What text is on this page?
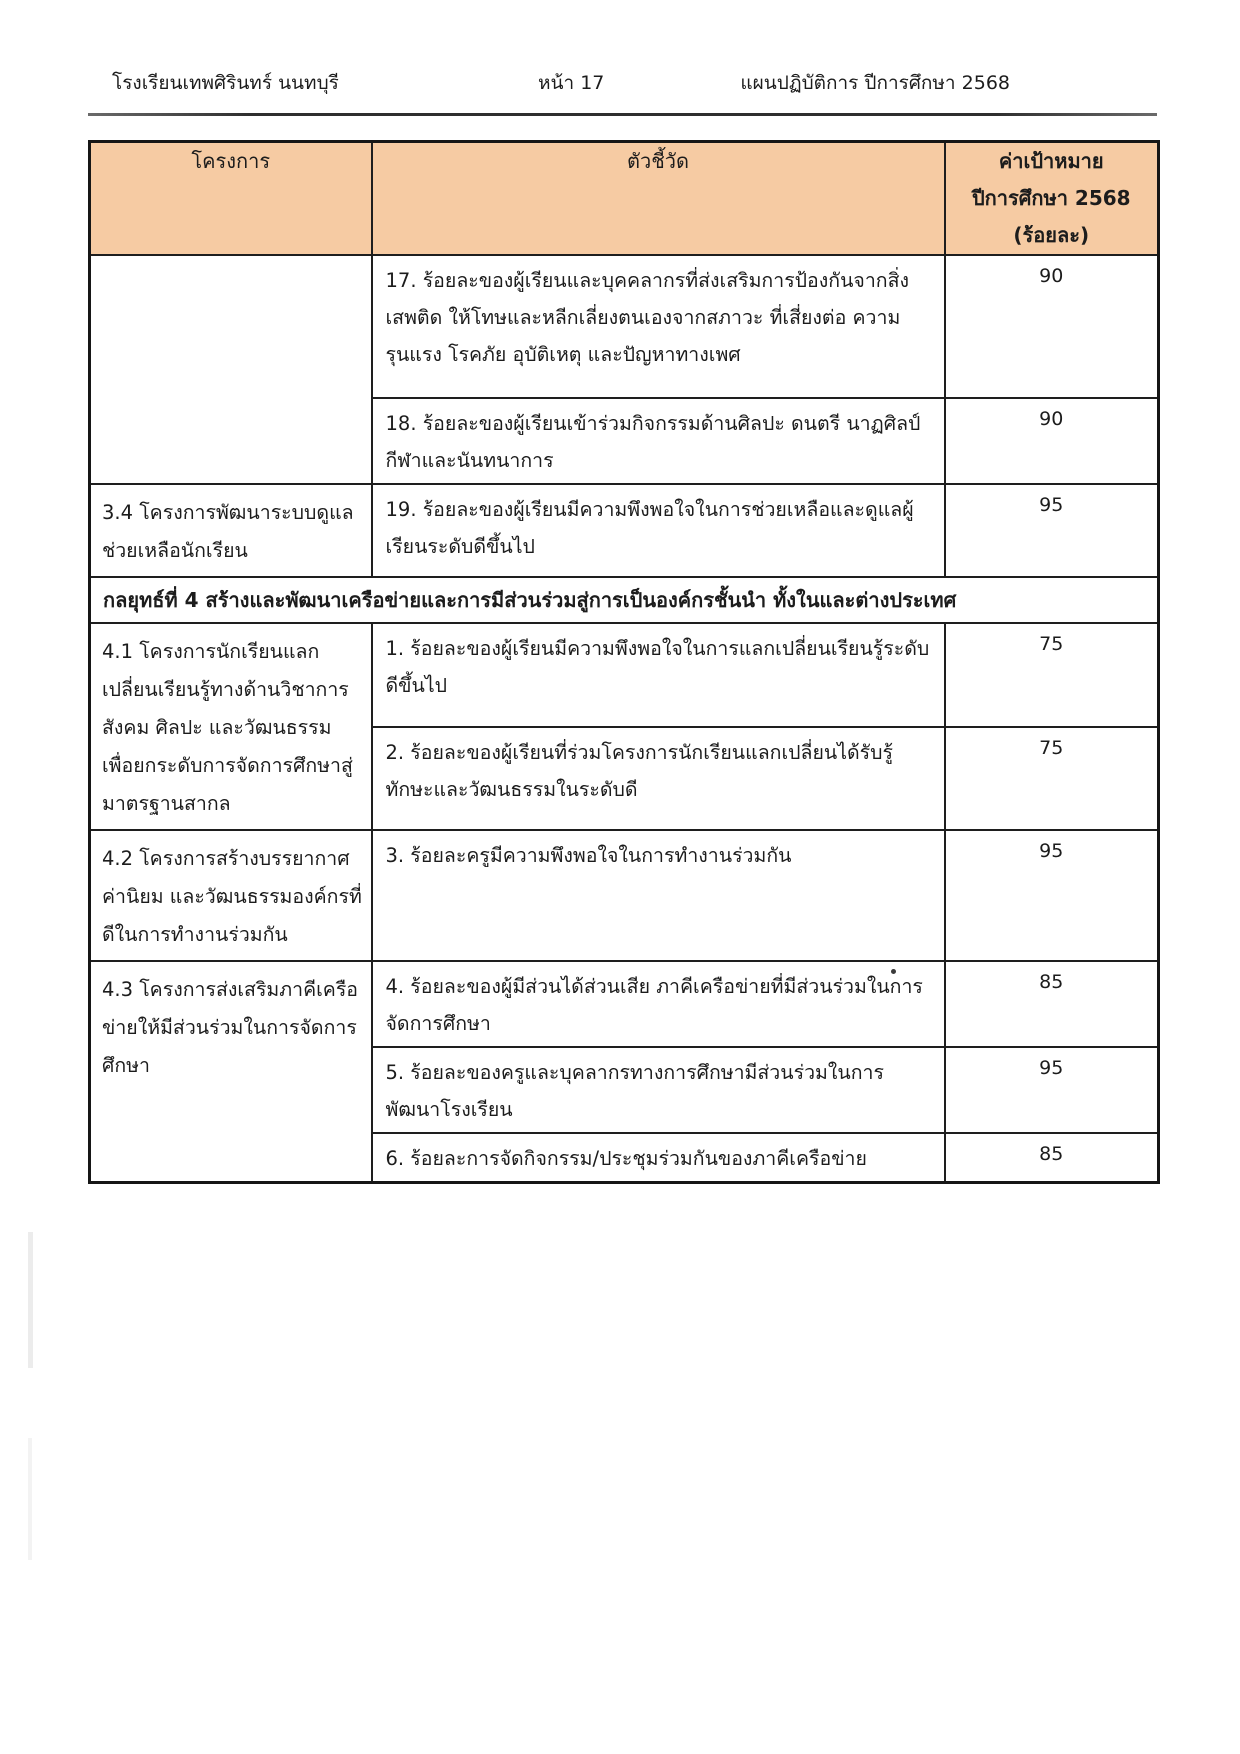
โรงเรียนเทพศิรินทร์ นนทบุรี	หน้า 17	แผนปฏิบัติการ ปีการศึกษา 2568
โครงการ	ตัวชี้วัด	ค่าเป้าหมาย
ปีการศึกษา 2568
(ร้อยละ)

	17. ร้อยละของผู้เรียนและบุคคลากรที่ส่งเสริมการป้องกันจากสิ่งเสพติด ให้โทษและหลีกเลี่ยงตนเองจากสภาวะ ที่เสี่ยงต่อ ความรุนแรง โรคภัย อุบัติเหตุ และปัญหาทางเพศ	90
	18. ร้อยละของผู้เรียนเข้าร่วมกิจกรรมด้านศิลปะ ดนตรี นาฏศิลป์ กีฬาและนันทนาการ	90
3.4 โครงการพัฒนาระบบดูแลช่วยเหลือนักเรียน	19. ร้อยละของผู้เรียนมีความพึงพอใจในการช่วยเหลือและดูแลผู้เรียนระดับดีขึ้นไป	95
กลยุทธ์ที่ 4 สร้างและพัฒนาเครือข่ายและการมีส่วนร่วมสู่การเป็นองค์กรชั้นนำ ทั้งในและต่างประเทศ		
4.1 โครงการนักเรียนแลกเปลี่ยนเรียนรู้ทางด้านวิชาการ สังคม ศิลปะ และวัฒนธรรมเพื่อยกระดับการจัดการศึกษาสู่มาตรฐานสากล	1. ร้อยละของผู้เรียนมีความพึงพอใจในการแลกเปลี่ยนเรียนรู้ระดับดีขึ้นไป	75
	2. ร้อยละของผู้เรียนที่ร่วมโครงการนักเรียนแลกเปลี่ยนได้รับรู้ทักษะและวัฒนธรรมในระดับดี	75
4.2 โครงการสร้างบรรยากาศ ค่านิยม และวัฒนธรรมองค์กรที่ดีในการทำงานร่วมกัน	3. ร้อยละครูมีความพึงพอใจในการทำงานร่วมกัน	95
4.3 โครงการส่งเสริมภาคีเครือข่ายให้มีส่วนร่วมในการจัดการศึกษา	4. ร้อยละของผู้มีส่วนได้ส่วนเสีย ภาคีเครือข่ายที่มีส่วนร่วมในการจัดการศึกษา	85
	5. ร้อยละของครูและบุคลากรทางการศึกษามีส่วนร่วมในการพัฒนาโรงเรียน	95
	6. ร้อยละการจัดกิจกรรม/ประชุมร่วมกันของภาคีเครือข่าย	85
